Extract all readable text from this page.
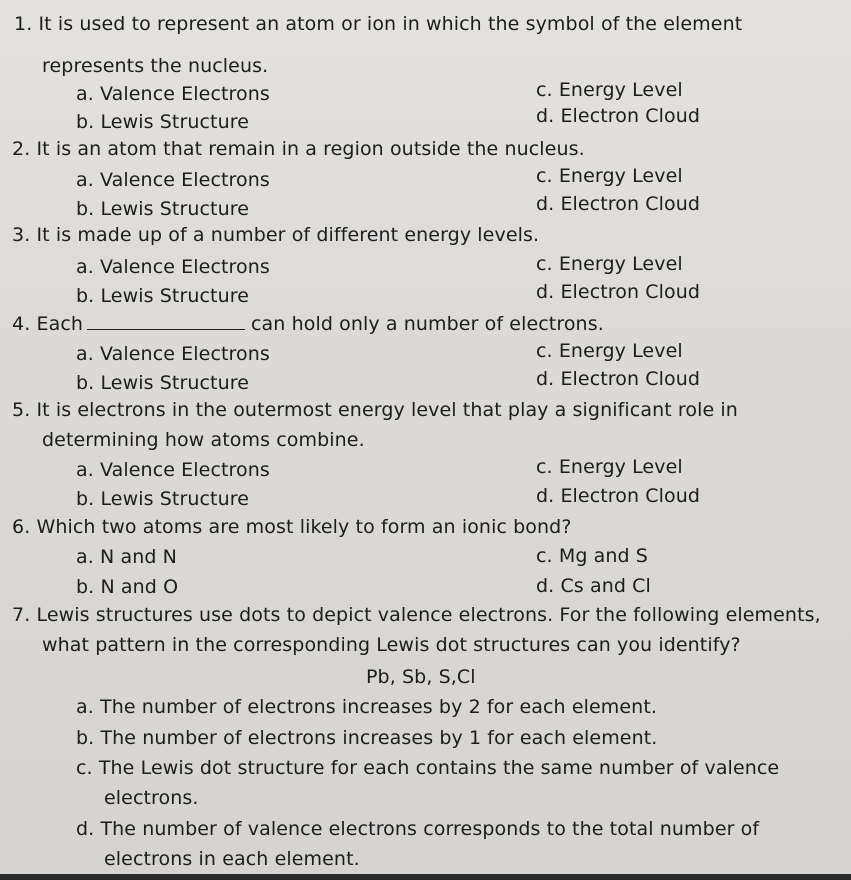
1. It is used to represent an atom or ion in which the symbol of the element
represents the nucleus.
a. Valence Electrons	c. Energy Level
b. Lewis Structure	d. Electron Cloud
2. It is an atom that remain in a region outside the nucleus.
a. Valence Electrons	c. Energy Level
b. Lewis Structure	d. Electron Cloud
3. It is made up of a number of different energy levels.
a. Valence Electrons	c. Energy Level
b. Lewis Structure	d. Electron Cloud
4. Each	can hold only a number of electrons.
a. Valence Electrons	c. Energy Level
b. Lewis Structure	d. Electron Cloud
5. It is electrons in the outermost energy level that play a significant role in
determining how atoms combine.
a. Valence Electrons	c. Energy Level
b. Lewis Structure	d. Electron Cloud
6. Which two atoms are most likely to form an ionic bond?
a. N and N	c. Mg and S
b. N and O	d. Cs and Cl
7. Lewis structures use dots to depict valence electrons. For the following elements,
what pattern in the corresponding Lewis dot structures can you identify?
Pb, Sb, S,Cl
a. The number of electrons increases by 2 for each element.
b. The number of electrons increases by 1 for each element.
c. The Lewis dot structure for each contains the same number of valence
electrons.
d. The number of valence electrons corresponds to the total number of
electrons in each element.
